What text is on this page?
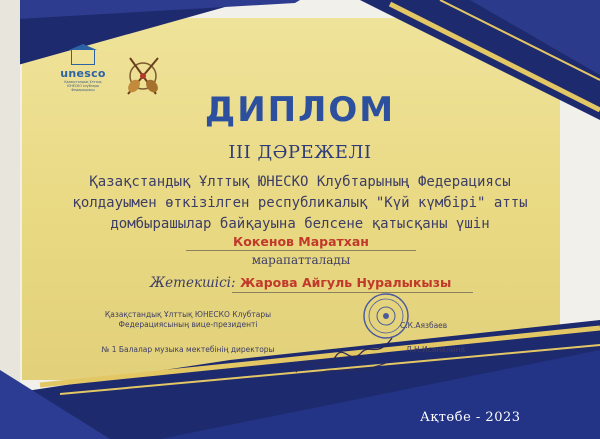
unesco
Қазақстандық Ұлттық
ЮНЕСКО клубтары
Федерациясы	ДИПЛОМ
III ДӘРЕЖЕЛІ
Қазақстандық Ұлттық ЮНЕСКО Клубтарының Федерациясы
қолдауымен өткізілген республикалық "Күй күмбірі" атты
домбырашылар байқауына белсене қатысқаны үшін
Кокенов Маратхан
марапатталады
Жетекшісі: Жарова Айгуль Нуралыкызы
Қазақстандық Ұлттық ЮНЕСКО Клубтары
Федерациясының вице-президенті
№ 1 Балалар музыка мектебінің директоры
С.К.Аязбаев
Л.Н.Исаналина
Ақтөбе - 2023
